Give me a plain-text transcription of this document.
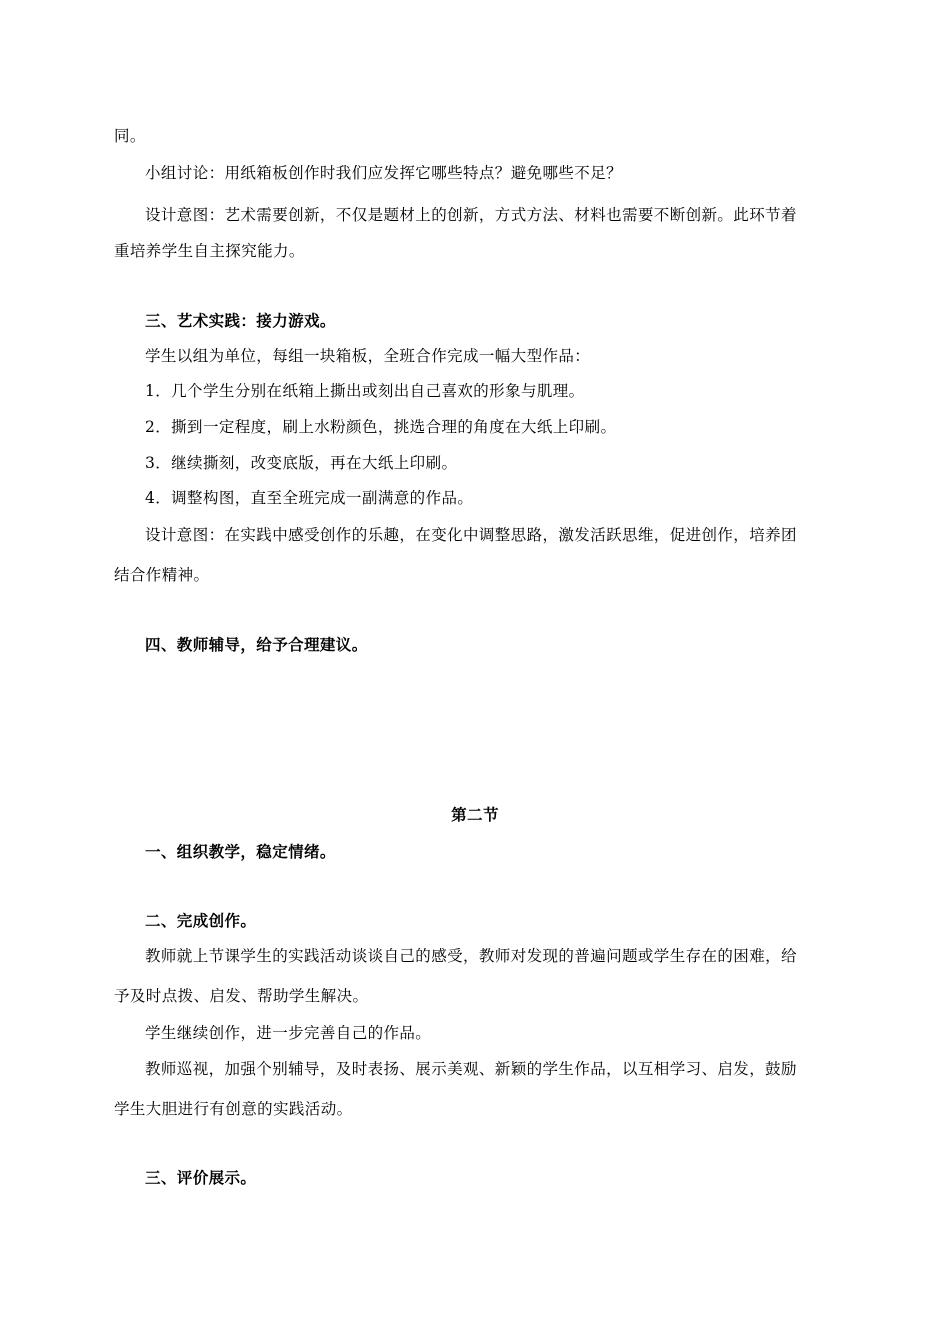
同。
小组讨论：用纸箱板创作时我们应发挥它哪些特点？避免哪些不足？
设计意图：艺术需要创新，不仅是题材上的创新，方式方法、材料也需要不断创新。此环节着
重培养学生自主探究能力。
三、艺术实践：接力游戏。
学生以组为单位，每组一块箱板，全班合作完成一幅大型作品：
1．几个学生分别在纸箱上撕出或刻出自己喜欢的形象与肌理。
2．撕到一定程度，刷上水粉颜色，挑选合理的角度在大纸上印刷。
3．继续撕刻，改变底版，再在大纸上印刷。
4．调整构图，直至全班完成一副满意的作品。
设计意图：在实践中感受创作的乐趣，在变化中调整思路，激发活跃思维，促进创作，培养团
结合作精神。
四、教师辅导，给予合理建议。
第二节
一、组织教学，稳定情绪。
二、完成创作。
教师就上节课学生的实践活动谈谈自己的感受，教师对发现的普遍问题或学生存在的困难，给
予及时点拨、启发、帮助学生解决。
学生继续创作，进一步完善自己的作品。
教师巡视，加强个别辅导，及时表扬、展示美观、新颖的学生作品，以互相学习、启发，鼓励
学生大胆进行有创意的实践活动。
三、评价展示。
